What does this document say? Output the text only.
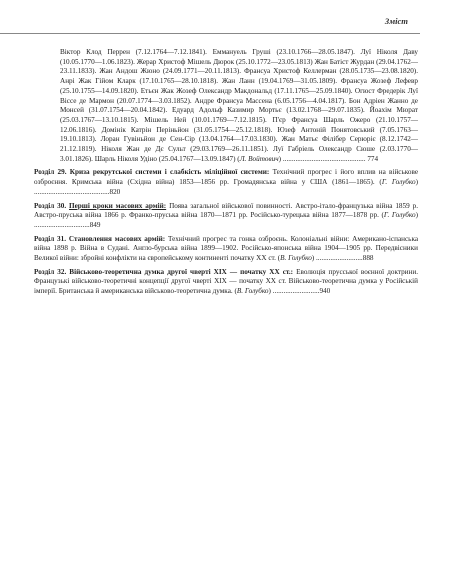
Зміст
Віктор Клод Перрен (7.12.1764—7.12.1841). Еммануель Груші (23.10.1766—28.05.1847). Луї Ніколя Даву (10.05.1770—1.06.1823). Жерар Христоф Мішель Дюрок (25.10.1772—23.05.1813) Жан Батіст Журдан (29.04.1762—23.11.1833). Жан Андош Жюно (24.09.1771—20.11.1813). Франсуа Христоф Келлерман (28.05.1735—23.08.1820). Анрі Жак Гійом Кларк (17.10.1765—28.10.1818). Жан Ланн (19.04.1769—31.05.1809). Франсуа Жозеф Лефевр (25.10.1755—14.09.1820). Етьєн Жак Жозеф Олександр Макдональд (17.11.1765—25.09.1840). Огюст Фредерік Луї Віссе де Мармон (20.07.1774—3.03.1852). Андре Франсуа Массена (6.05.1756—4.04.1817). Бон Адріен Жанно де Монсей (31.07.1754—20.04.1842). Едуард Адольф Казимир Мортьє (13.02.1768—29.07.1835). Йоахім Мюрат (25.03.1767—13.10.1815). Мішель Ней (10.01.1769—7.12.1815). П'єр Франсуа Шарль Ожеро (21.10.1757—12.06.1816). Домінік Катрін Періньйон (31.05.1754—25.12.1818). Юзеф Антоній Понятовський (7.05.1763—19.10.1813). Лоран Гувіньйон де Сен-Сір (13.04.1764—17.03.1830). Жан Матьє Філібер Серюріє (8.12.1742—21.12.1819). Ніколя Жан де Дє Сульт (29.03.1769—26.11.1851). Луї Габріель Олександр Сюше (2.03.1770—3.01.1826). Шарль Ніколя Удіно (25.04.1767—13.09.1847) (Л. Войтович) .............................................. 774
Розділ 29. Криза рекрутської системи і слабкість міліційної системи: Технічний прогрес і його вплив на військове озброєння. Кримська війна (Східна війна) 1853—1856 рр. Громадянська війна у США (1861—1865). (Г. Голубко) ..........................................820
Розділ 30. Перші кроки масових армій: Поява загальної військової повинності. Австро-італо-французька війна 1859 р. Австро-пруська війна 1866 р. Франко-пруська війна 1870—1871 рр. Російсько-турецька війна 1877—1878 рр. (Г. Голубко) ...............................849
Розділ 31. Становлення масових армій: Технічний прогрес та гонка озброєнь. Колоніальні війни: Американо-іспанська війна 1898 р. Війна в Судані. Англо-бурська війна 1899—1902. Російсько-японська війна 1904—1905 рр. Передвісники Великої війни: збройні конфлікти на європейському континенті початку XX ст. (В. Голубко) ..........................888
Розділ 32. Військово-теоретична думка другої чверті XIX — початку XX ст.: Еволюція прусської воєнної доктрини. Французькі військово-теоретичні концепції другої чверті XIX — початку XX ст. Військово-теоретична думка у Російській імперії. Британська й американська військово-теоретична думка. (В. Голубко) ..........................940
